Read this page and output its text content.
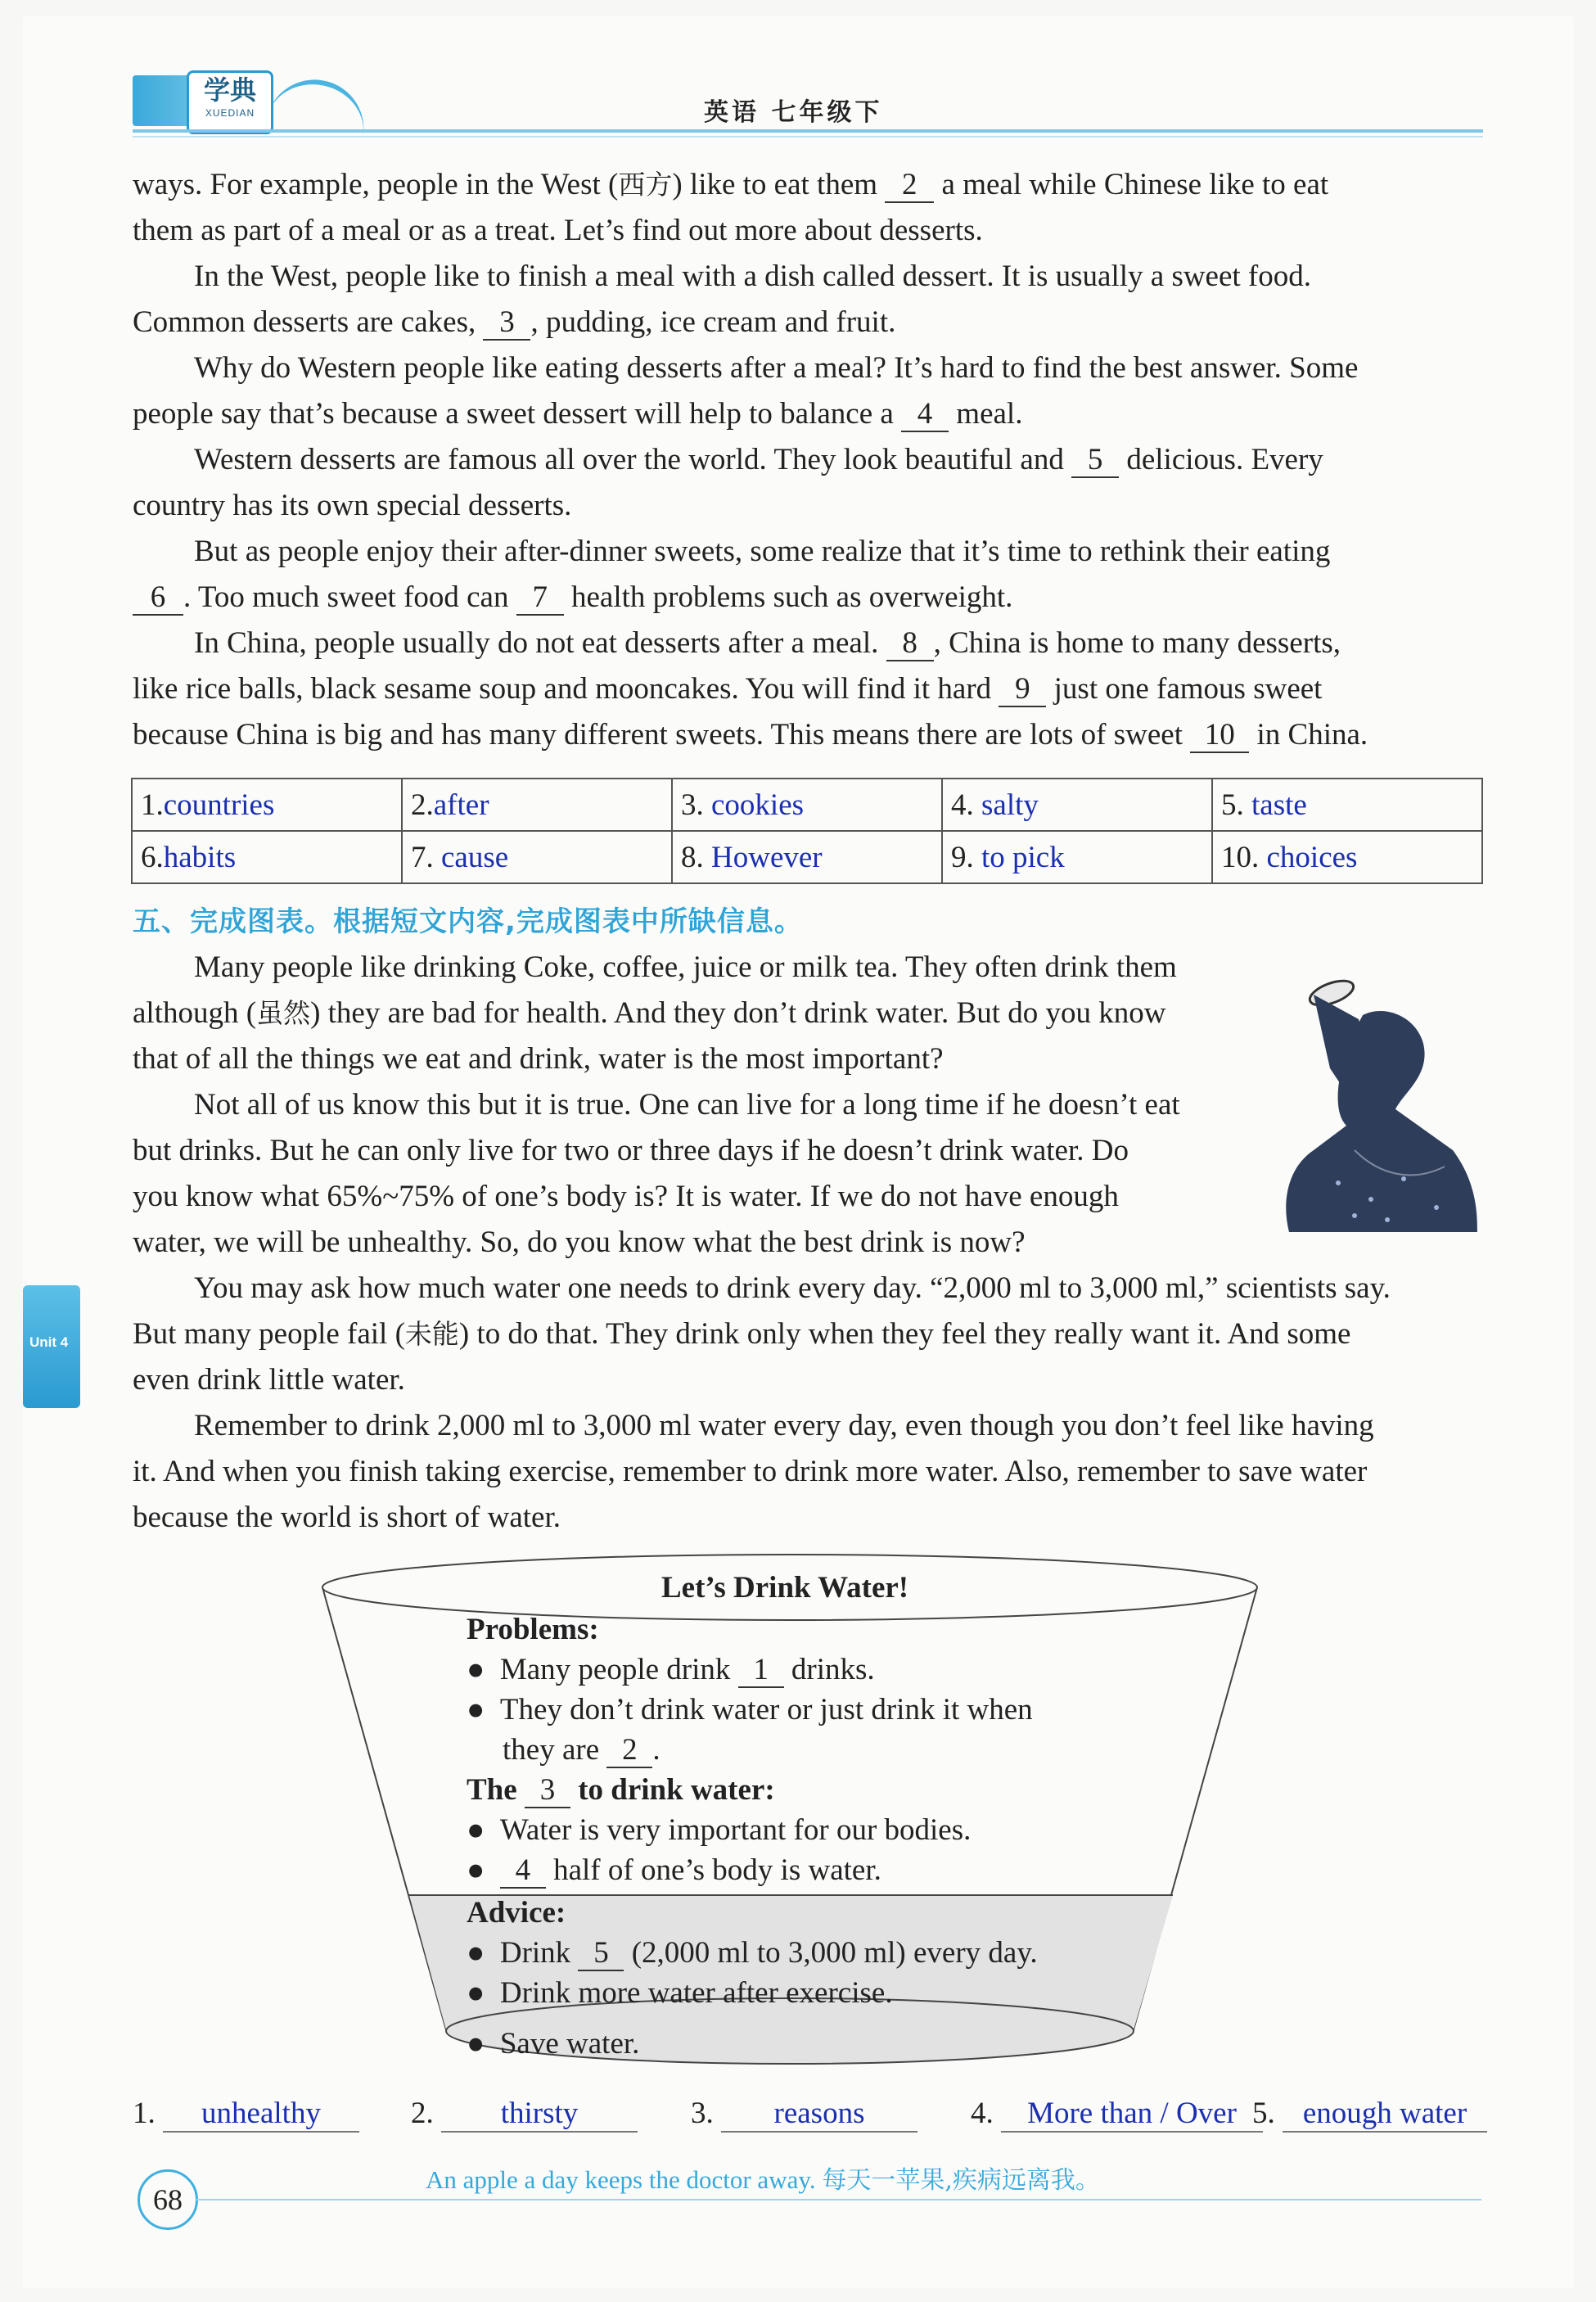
学典
XUEDIAN	英语 七年级下
ways. For example, people in the West (西方) like to eat them 2 a meal while Chinese like to eat
them as part of a meal or as a treat. Let’s find out more about desserts.
In the West, people like to finish a meal with a dish called dessert. It is usually a sweet food.
Common desserts are cakes, 3 , pudding, ice cream and fruit.
Why do Western people like eating desserts after a meal? It’s hard to find the best answer. Some
people say that’s because a sweet dessert will help to balance a 4 meal.
Western desserts are famous all over the world. They look beautiful and 5 delicious. Every
country has its own special desserts.
But as people enjoy their after-dinner sweets, some realize that it’s time to rethink their eating
6 . Too much sweet food can 7 health problems such as overweight.
In China, people usually do not eat desserts after a meal. 8 , China is home to many desserts,
like rice balls, black sesame soup and mooncakes. You will find it hard 9 just one famous sweet
because China is big and has many different sweets. This means there are lots of sweet 10 in China.
1.countries	2.after	3. cookies	4. salty	5. taste
6.habits	7. cause	8. However	9. to pick	10. choices
五、完成图表。根据短文内容,完成图表中所缺信息。
Many people like drinking Coke, coffee, juice or milk tea. They often drink them
although (虽然) they are bad for health. And they don’t drink water. But do you know
that of all the things we eat and drink, water is the most important?
Not all of us know this but it is true. One can live for a long time if he doesn’t eat
but drinks. But he can only live for two or three days if he doesn’t drink water. Do
you know what 65%~75% of one’s body is? It is water. If we do not have enough
water, we will be unhealthy. So, do you know what the best drink is now?
You may ask how much water one needs to drink every day. “2,000 ml to 3,000 ml,” scientists say.
But many people fail (未能) to do that. They drink only when they feel they really want it. And some
even drink little water.
Remember to drink 2,000 ml to 3,000 ml water every day, even though you don’t feel like having
it. And when you finish taking exercise, remember to drink more water. Also, remember to save water
because the world is short of water.
Unit 4
Let’s Drink Water!
Problems:
● Many people drink 1 drinks.
● They don’t drink water or just drink it when
they are 2 .
The 3 to drink water:
● Water is very important for our bodies.
● 4 half of one’s body is water.
Advice:
● Drink 5 (2,000 ml to 3,000 ml) every day.
● Drink more water after exercise.
● Save water.
1. unhealthy	2. thirsty	3. reasons	4. More than / Over 5. enough water
68
An apple a day keeps the doctor away. 每天一苹果,疾病远离我。
